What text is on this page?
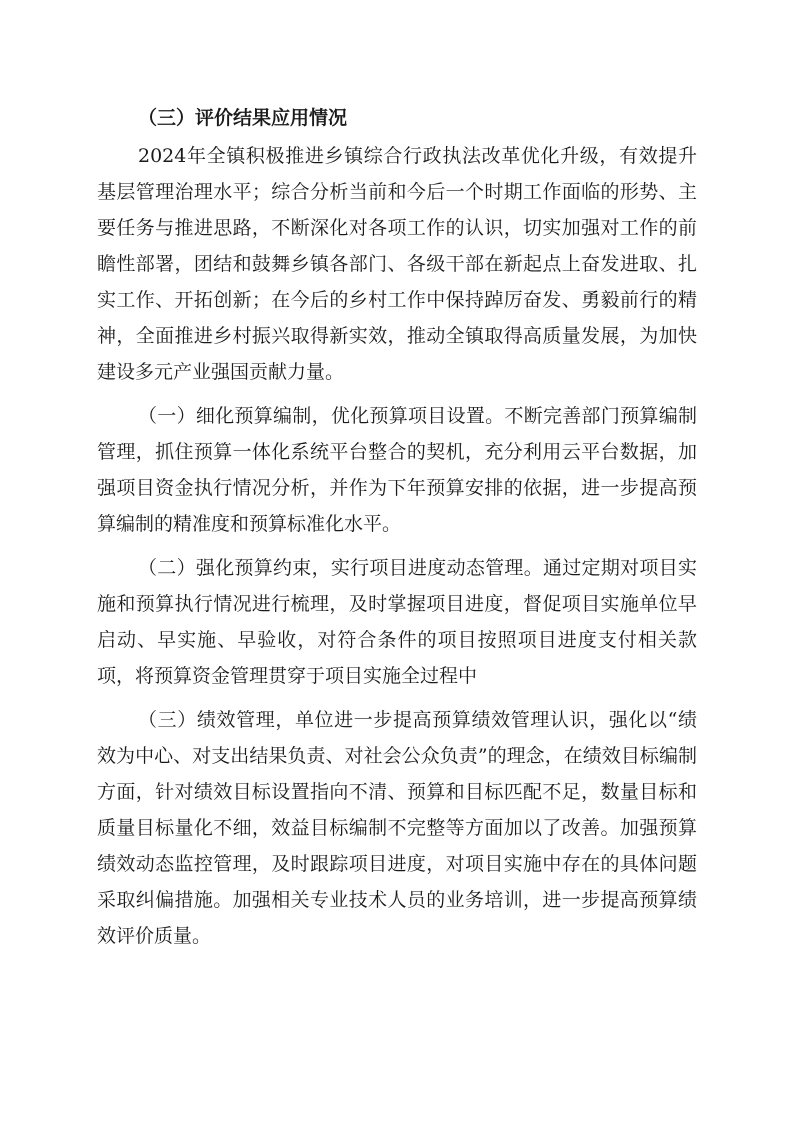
（三）评价结果应用情况

2024年全镇积极推进乡镇综合行政执法改革优化升级，有效提升基层管理治理水平；综合分析当前和今后一个时期工作面临的形势、主要任务与推进思路，不断深化对各项工作的认识，切实加强对工作的前瞻性部署，团结和鼓舞乡镇各部门、各级干部在新起点上奋发进取、扎实工作、开拓创新；在今后的乡村工作中保持踔厉奋发、勇毅前行的精神，全面推进乡村振兴取得新实效，推动全镇取得高质量发展，为加快建设多元产业强国贡献力量。

（一）细化预算编制，优化预算项目设置。不断完善部门预算编制管理，抓住预算一体化系统平台整合的契机，充分利用云平台数据，加强项目资金执行情况分析，并作为下年预算安排的依据，进一步提高预算编制的精准度和预算标准化水平。

（二）强化预算约束，实行项目进度动态管理。通过定期对项目实施和预算执行情况进行梳理，及时掌握项目进度，督促项目实施单位早启动、早实施、早验收，对符合条件的项目按照项目进度支付相关款项，将预算资金管理贯穿于项目实施全过程中

（三）绩效管理，单位进一步提高预算绩效管理认识，强化以“绩效为中心、对支出结果负责、对社会公众负责”的理念，在绩效目标编制方面，针对绩效目标设置指向不清、预算和目标匹配不足，数量目标和质量目标量化不细，效益目标编制不完整等方面加以了改善。加强预算绩效动态监控管理，及时跟踪项目进度，对项目实施中存在的具体问题采取纠偏措施。加强相关专业技术人员的业务培训，进一步提高预算绩效评价质量。
